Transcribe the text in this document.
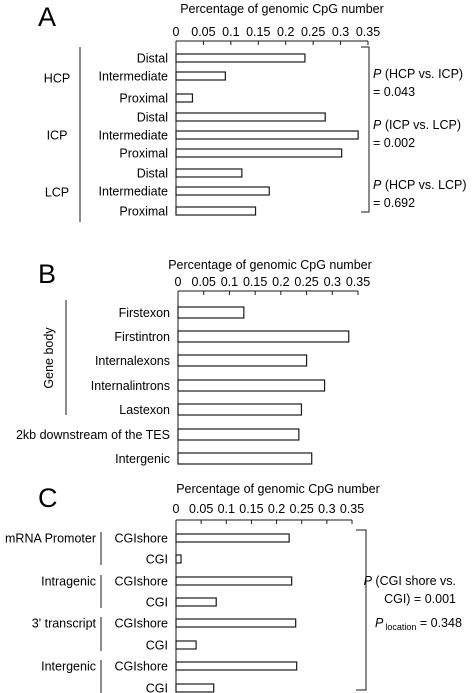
A	Percentage of genomic CpG number
0 0.05 0.1 0.15 0.2 0.25 0.3 0.35
Distal
Intermediate
Proximal
Distal
Intermediate
Proximal
Distal
Intermediate
Proximal
HCP
ICP
LCP
P (HCP vs. ICP)
= 0.043
P (ICP vs. LCP)
= 0.002
P (HCP vs. LCP)
= 0.692
B	Percentage of genomic CpG number
0 0.05 0.1 0.15 0.2 0.25 0.3 0.35
Firstexon
Firstintron
Internalexons
Internalintrons
Lastexon
2kb downstream of the TES
Intergenic
Gene body
C	Percentage of genomic CpG number
0 0.05 0.1 0.15 0.2 0.25 0.3 0.35
CGIshore
CGI
CGIshore
CGI
CGIshore
CGI
CGIshore
CGI
mRNA Promoter
Intragenic
3' transcript
Intergenic
P (CGI shore vs.
CGI) = 0.001
P $_{location}$ = 0.348
